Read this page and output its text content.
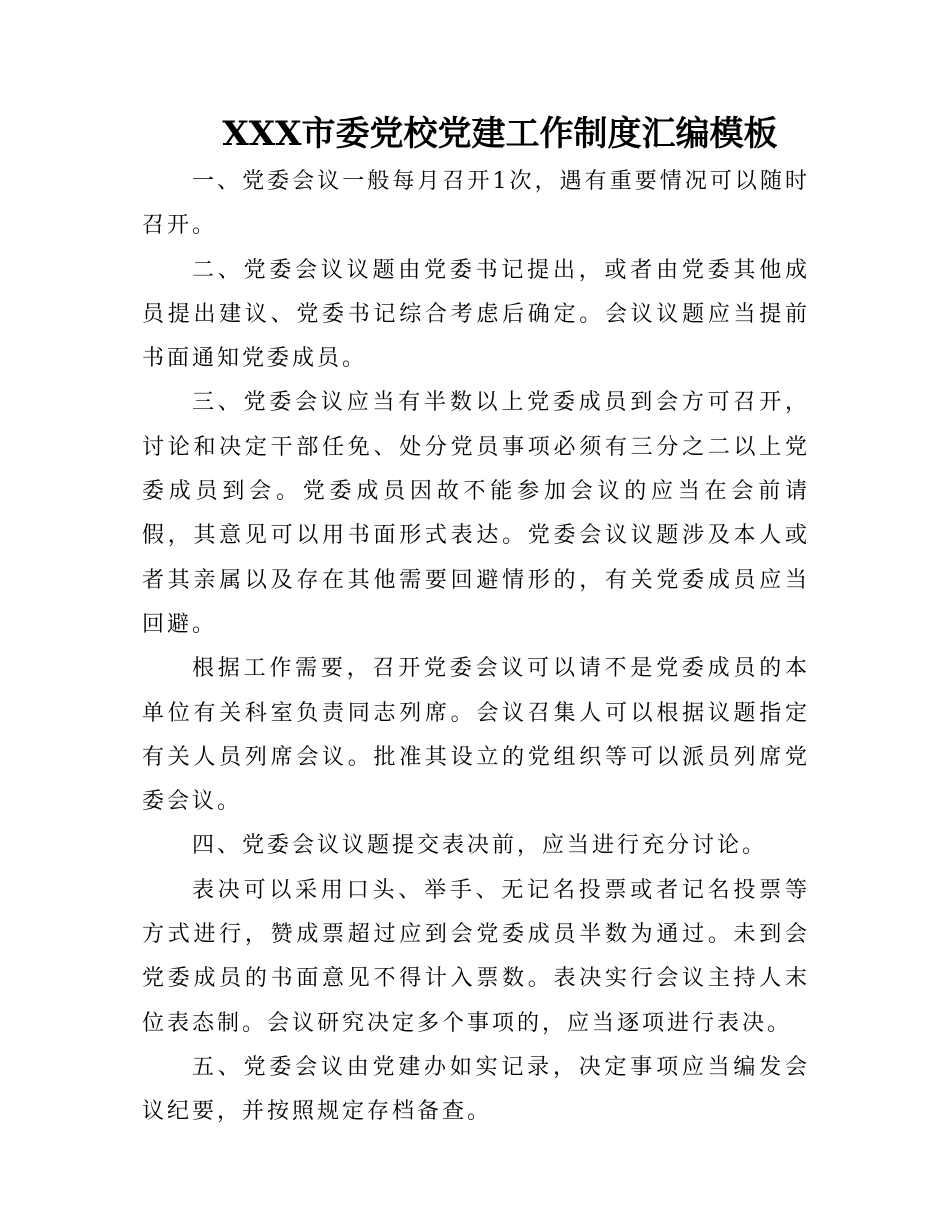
XXX市委党校党建工作制度汇编模板

一、党委会议一般每月召开1次，遇有重要情况可以随时召开。

二、党委会议议题由党委书记提出，或者由党委其他成员提出建议、党委书记综合考虑后确定。会议议题应当提前书面通知党委成员。

三、党委会议应当有半数以上党委成员到会方可召开，讨论和决定干部任免、处分党员事项必须有三分之二以上党委成员到会。党委成员因故不能参加会议的应当在会前请假，其意见可以用书面形式表达。党委会议议题涉及本人或者其亲属以及存在其他需要回避情形的，有关党委成员应当回避。

根据工作需要，召开党委会议可以请不是党委成员的本单位有关科室负责同志列席。会议召集人可以根据议题指定有关人员列席会议。批准其设立的党组织等可以派员列席党委会议。

四、党委会议议题提交表决前，应当进行充分讨论。

表决可以采用口头、举手、无记名投票或者记名投票等方式进行，赞成票超过应到会党委成员半数为通过。未到会党委成员的书面意见不得计入票数。表决实行会议主持人末位表态制。会议研究决定多个事项的，应当逐项进行表决。

五、党委会议由党建办如实记录，决定事项应当编发会议纪要，并按照规定存档备查。
